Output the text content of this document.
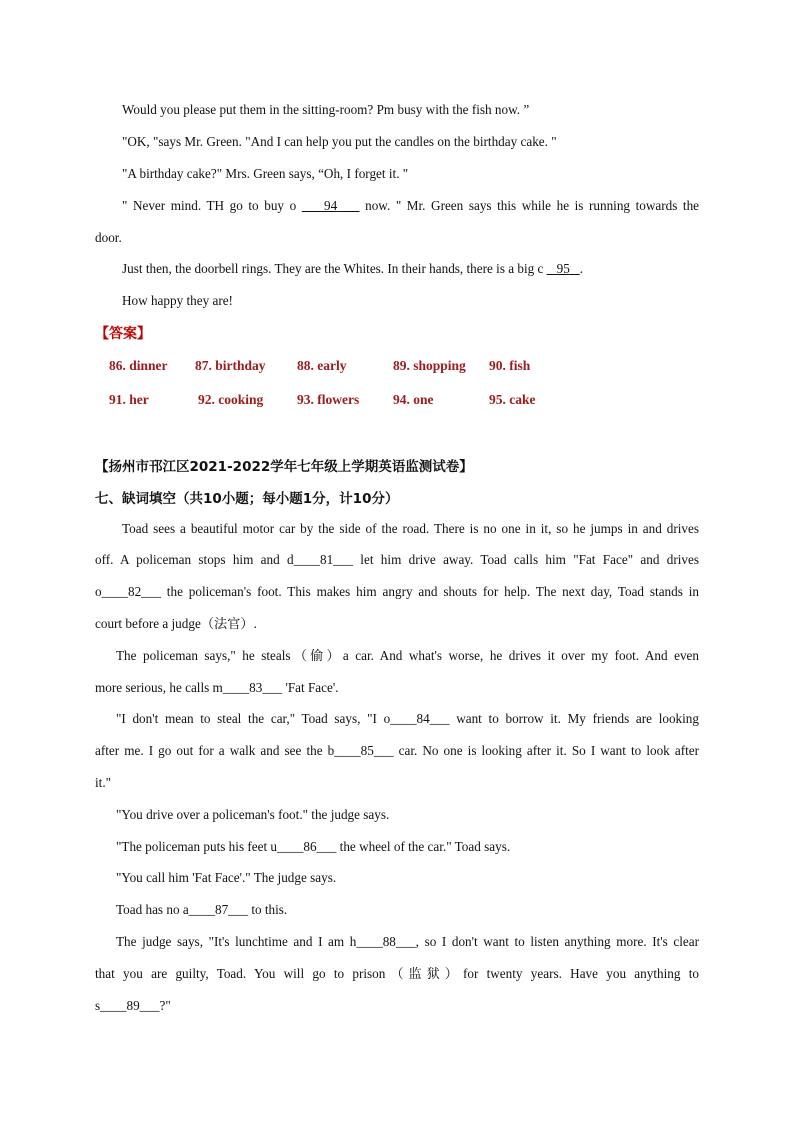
Would you please put them in the sitting-room? Pm busy with the fish now. ”
"OK, "says Mr. Green. "And I can help you put the candles on the birthday cake. "
"A birthday cake?" Mrs. Green says, “Oh, I forget it. "
" Never mind. TH go to buy o 94 now. " Mr. Green says this while he is running towards the
door.
Just then, the doorbell rings. They are the Whites. In their hands, there is a big c 95 .
How happy they are!
【答案】
86. dinner 87. birthday 88. early	89. shopping 90. fish
91. her	92. cooking 93. flowers	94. one	95. cake
【扬州市邗江区2021-2022学年七年级上学期英语监测试卷】
七、缺词填空（共10小题；每小题1分，计10分）
Toad sees a beautiful motor car by the side of the road. There is no one in it, so he jumps in and drives
off. A policeman stops him and d____81___ let him drive away. Toad calls him "Fat Face" and drives
o____82___ the policeman's foot. This makes him angry and shouts for help. The next day, Toad stands in
court before a judge（法官）.
The policeman says," he steals（偷）a car. And what's worse, he drives it over my foot. And even
more serious, he calls m____83___ 'Fat Face'.
"I don't mean to steal the car," Toad says, "I o____84___ want to borrow it. My friends are looking
after me. I go out for a walk and see the b____85___ car. No one is looking after it. So I want to look after
it."
"You drive over a policeman's foot." the judge says.
"The policeman puts his feet u____86___ the wheel of the car." Toad says.
"You call him 'Fat Face'." The judge says.
Toad has no a____87___ to this.
The judge says, "It's lunchtime and I am h____88___, so I don't want to listen anything more. It's clear
that you are guilty, Toad. You will go to prison（监狱）for twenty years. Have you anything to
s____89___?"
